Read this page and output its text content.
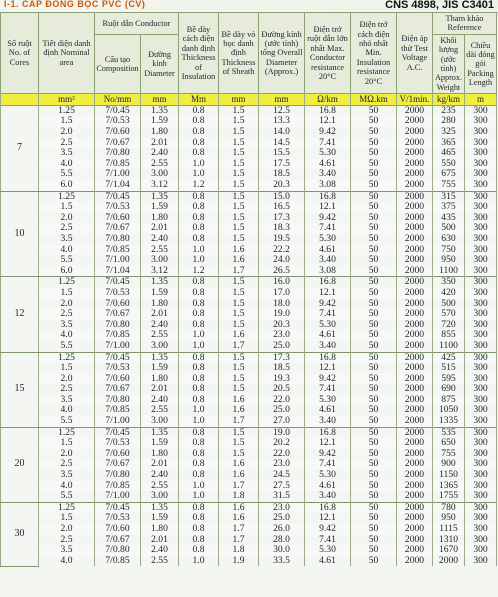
I-1. CÁP ĐỒNG BỌC PVC (CV)	CNS 4898, JIS C3401
Số ruột No. of Cores	Tiết diện danh định Nominal area	Ruột dẫn Conductor		Bề dày cách điện danh định Thickness of Insulation	Bề dày vỏ bọc danh định Thickness of Sheath	Đường kính (ước tính) tổng Overall Diameter (Approx.)	Điện trở ruột dẫn lớn nhất Max. Conductor resistance 20°C	Điện trở cách điện nhỏ nhất Min. Insulation resistance 20°C	Điện áp thử Test Voltage A.C.	Tham khảo Reference	
		Cấu tạo Composition	Đường kính Diameter							Khối lượng (ước tính) Approx. Weight	Chiều dài đóng gói Packing Length
	mm²	No/mm	mm	Mm	mm	mm	Ω/km	MΩ.km	V/1min.	kg/km	m
7	1.25	7/0.45	1.35	0.8	1.5	12.5	16.8	50	2000	235	300
	1.5	7/0.53	1.59	0.8	1.5	13.3	12.1	50	2000	280	300
	2.0	7/0.60	1.80	0.8	1.5	14.0	9.42	50	2000	325	300
	2.5	7/0.67	2.01	0.8	1.5	14.5	7.41	50	2000	365	300
	3.5	7/0.80	2.40	0.8	1.5	15.5	5.30	50	2000	465	300
	4.0	7/0.85	2.55	1.0	1.5	17.5	4.61	50	2000	550	300
	5.5	7/1.00	3.00	1.0	1.5	18.5	3.40	50	2000	675	300
	6.0	7/1.04	3.12	1.2	1.5	20.3	3.08	50	2000	755	300
10	1.25	7/0.45	1.35	0.8	1.5	15.0	16.8	50	2000	315	300
	1.5	7/0.53	1.59	0.8	1.5	16.5	12.1	50	2000	375	300
	2.0	7/0.60	1.80	0.8	1.5	17.3	9.42	50	2000	435	300
	2.5	7/0.67	2.01	0.8	1.5	18.3	7.41	50	2000	500	300
	3.5	7/0.80	2.40	0.8	1.5	19.5	5.30	50	2000	630	300
	4.0	7/0.85	2.55	1.0	1.6	22.2	4.61	50	2000	750	300
	5.5	7/1.00	3.00	1.0	1.6	24.0	3.40	50	2000	950	300
	6.0	7/1.04	3.12	1.2	1.7	26.5	3.08	50	2000	1100	300
12	1.25	7/0.45	1.35	0.8	1.5	16.0	16.8	50	2000	350	300
	1.5	7/0.53	1.59	0.8	1.5	17.0	12.1	50	2000	420	300
	2.0	7/0.60	1.80	0.8	1.5	18.0	9.42	50	2000	500	300
	2.5	7/0.67	2.01	0.8	1.5	19.0	7.41	50	2000	570	300
	3.5	7/0.80	2.40	0.8	1.5	20.3	5.30	50	2000	720	300
	4.0	7/0.85	2.55	1.0	1.6	23.0	4.61	50	2000	855	300
	5.5	7/1.00	3.00	1.0	1.7	25.0	3.40	50	2000	1100	300
15	1.25	7/0.45	1.35	0.8	1.5	17.3	16.8	50	2000	425	300
	1.5	7/0.53	1.59	0.8	1.5	18.5	12.1	50	2000	515	300
	2.0	7/0.60	1.80	0.8	1.5	19.3	9.42	50	2000	595	300
	2.5	7/0.67	2.01	0.8	1.5	20.5	7.41	50	2000	690	300
	3.5	7/0.80	2.40	0.8	1.6	22.0	5.30	50	2000	875	300
	4.0	7/0.85	2.55	1.0	1.6	25.0	4.61	50	2000	1050	300
	5.5	7/1.00	3.00	1.0	1.7	27.0	3.40	50	2000	1335	300
20	1.25	7/0.45	1.35	0.8	1.5	19.0	16.8	50	2000	535	300
	1.5	7/0.53	1.59	0.8	1.5	20.2	12.1	50	2000	650	300
	2.0	7/0.60	1.80	0.8	1.5	22.0	9.42	50	2000	755	300
	2.5	7/0.67	2.01	0.8	1.6	23.0	7.41	50	2000	900	300
	3.5	7/0.80	2.40	0.8	1.6	24.5	5.30	50	2000	1150	300
	4.0	7/0.85	2.55	1.0	1.7	27.5	4.61	50	2000	1365	300
	5.5	7/1.00	3.00	1.0	1.8	31.5	3.40	50	2000	1755	300
30	1.25	7/0.45	1.35	0.8	1.6	23.0	16.8	50	2000	780	300
	1.5	7/0.53	1.59	0.8	1.6	25.0	12.1	50	2000	950	300
	2.0	7/0.60	1.80	0.8	1.7	26.0	9.42	50	2000	1115	300
	2.5	7/0.67	2.01	0.8	1.7	28.0	7.41	50	2000	1310	300
	3.5	7/0.80	2.40	0.8	1.8	30.0	5.30	50	2000	1670	300
	4.0	7/0.85	2.55	1.0	1.9	33.5	4.61	50	2000	2000	300
